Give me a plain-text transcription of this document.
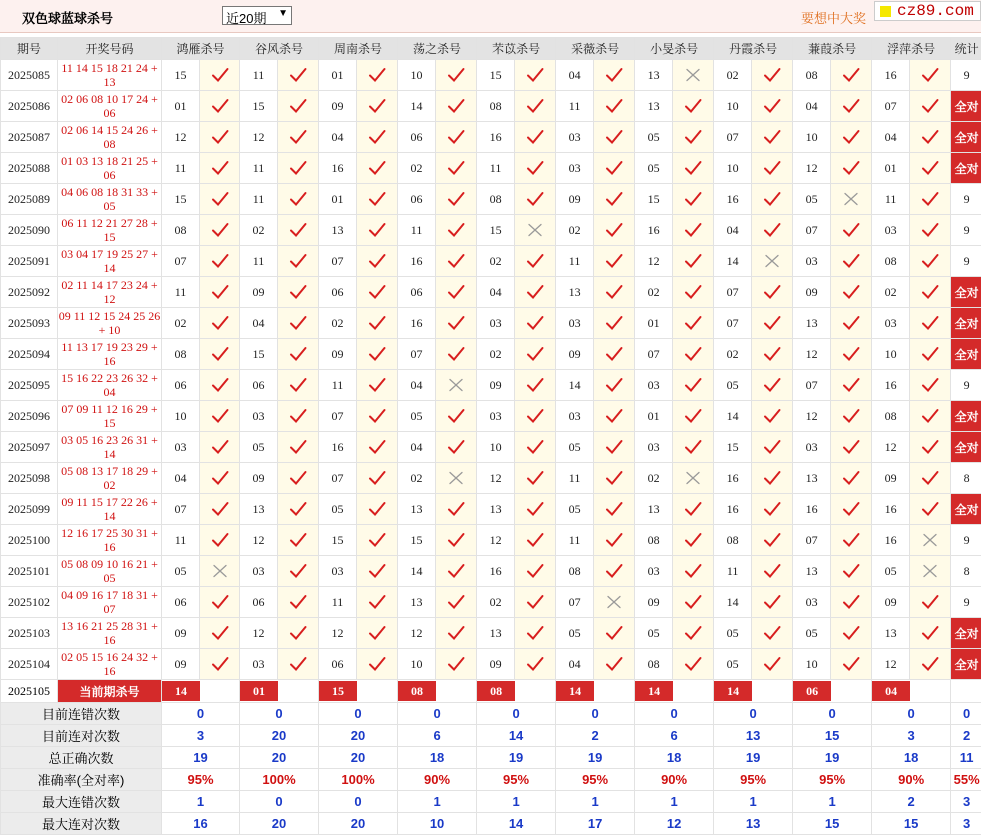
双色球蓝球杀号	近20期 ▼	要想中大奖 cz89.com
期号	开奖号码	鸿雁杀号		谷风杀号		周南杀号		荡之杀号		芣苡杀号		采薇杀号		小旻杀号		丹霞杀号		蒹葭杀号		浮萍杀号		统计
2025085	11 14 15 18 21 24 + 13	15		11		01		10		15		04		13		02		08		16		9
2025086	02 06 08 10 17 24 + 06	01		15		09		14		08		11		13		10		04		07		全对
2025087	02 06 14 15 24 26 + 08	12		12		04		06		16		03		05		07		10		04		全对
2025088	01 03 13 18 21 25 + 06	11		11		16		02		11		03		05		10		12		01		全对
2025089	04 06 08 18 31 33 + 05	15		11		01		06		08		09		15		16		05		11		9
2025090	06 11 12 21 27 28 + 15	08		02		13		11		15		02		16		04		07		03		9
2025091	03 04 17 19 25 27 + 14	07		11		07		16		02		11		12		14		03		08		9
2025092	02 11 14 17 23 24 + 12	11		09		06		06		04		13		02		07		09		02		全对
2025093	09 11 12 15 24 25 26 + 10	02		04		02		16		03		03		01		07		13		03		全对
2025094	11 13 17 19 23 29 + 16	08		15		09		07		02		09		07		02		12		10		全对
2025095	15 16 22 23 26 32 + 04	06		06		11		04		09		14		03		05		07		16		9
2025096	07 09 11 12 16 29 + 15	10		03		07		05		03		03		01		14		12		08		全对
2025097	03 05 16 23 26 31 + 14	03		05		16		04		10		05		03		15		03		12		全对
2025098	05 08 13 17 18 29 + 02	04		09		07		02		12		11		02		16		13		09		8
2025099	09 11 15 17 22 26 + 14	07		13		05		13		13		05		13		16		16		16		全对
2025100	12 16 17 25 30 31 + 16	11		12		15		15		12		11		08		08		07		16		9
2025101	05 08 09 10 16 21 + 05	05		03		03		14		16		08		03		11		13		05		8
2025102	04 09 16 17 18 31 + 07	06		06		11		13		02		07		09		14		03		09		9
2025103	13 16 21 25 28 31 + 16	09		12		12		12		13		05		05		05		05		13		全对
2025104	02 05 15 16 24 32 + 16	09		03		06		10		09		04		08		05		10		12		全对
2025105	当前期杀号	14		01		15		08		08		14		14		14		06		04		

目前连错次数		0		0		0		0		0		0		0		0		0		0		0
目前连对次数		3		20		20		6		14		2		6		13		15		3		2
总正确次数		19		20		20		18		19		19		18		19		19		18		11
准确率(全对率)		95%		100%		100%		90%		95%		95%		90%		95%		95%		90%		55%
最大连错次数		1		0		0		1		1		1		1		1		1		2		3
最大连对次数		16		20		20		10		14		17		12		13		15		15		3
